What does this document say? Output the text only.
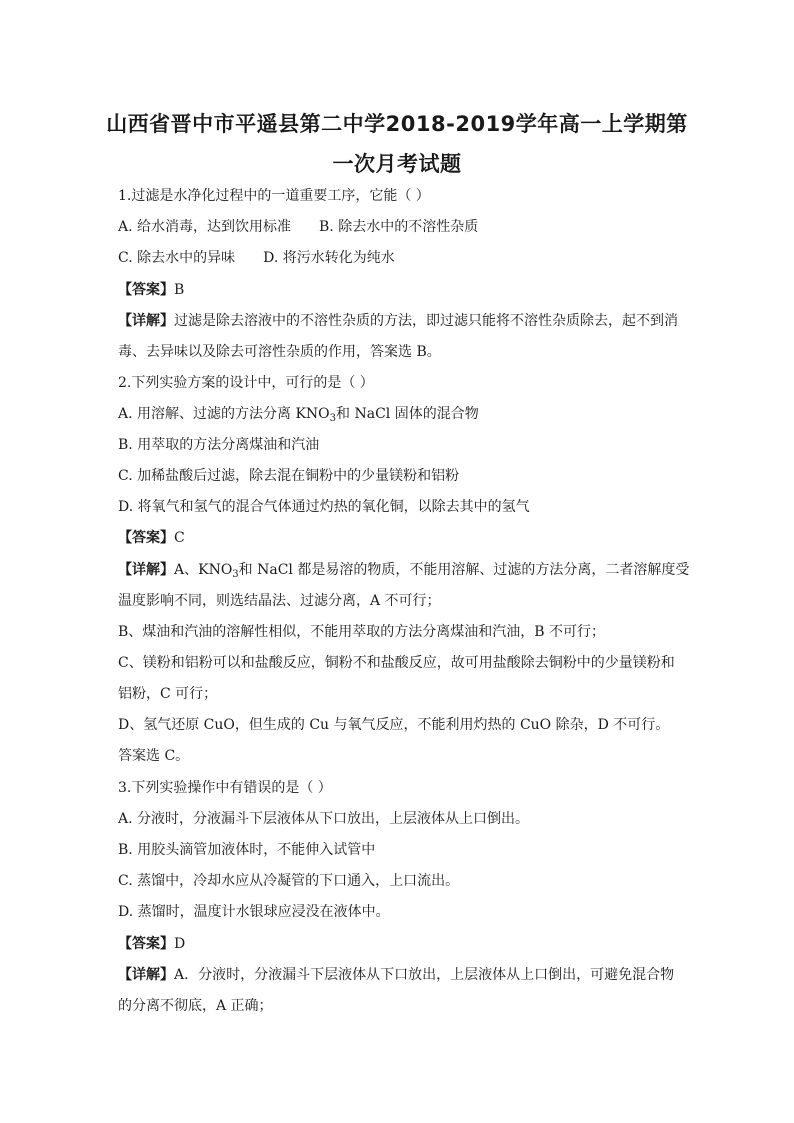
山西省晋中市平遥县第二中学2018-2019学年高一上学期第
一次月考试题
1.过滤是水净化过程中的一道重要工序，它能（ ）
A. 给水消毒，达到饮用标准 B. 除去水中的不溶性杂质
C. 除去水中的异味 D. 将污水转化为纯水
【答案】B
【详解】过滤是除去溶液中的不溶性杂质的方法，即过滤只能将不溶性杂质除去，起不到消
毒、去异味以及除去可溶性杂质的作用，答案选 B。
2.下列实验方案的设计中，可行的是（ ）
A. 用溶解、过滤的方法分离 $KNO_3$和 NaCl 固体的混合物
B. 用萃取的方法分离煤油和汽油
C. 加稀盐酸后过滤，除去混在铜粉中的少量镁粉和铝粉
D. 将氧气和氢气的混合气体通过灼热的氧化铜，以除去其中的氢气
【答案】C
【详解】A、$KNO_3$和 NaCl 都是易溶的物质，不能用溶解、过滤的方法分离，二者溶解度受
温度影响不同，则选结晶法、过滤分离，A 不可行；
B、煤油和汽油的溶解性相似，不能用萃取的方法分离煤油和汽油，B 不可行；
C、镁粉和铝粉可以和盐酸反应，铜粉不和盐酸反应，故可用盐酸除去铜粉中的少量镁粉和
铝粉，C 可行；
D、氢气还原 CuO，但生成的 Cu 与氧气反应，不能利用灼热的 CuO 除杂，D 不可行。
答案选 C。
3.下列实验操作中有错误的是（ ）
A. 分液时，分液漏斗下层液体从下口放出，上层液体从上口倒出。
B. 用胶头滴管加液体时，不能伸入试管中
C. 蒸馏中，冷却水应从冷凝管的下口通入，上口流出。
D. 蒸馏时，温度计水银球应浸没在液体中。
【答案】D
【详解】A．分液时，分液漏斗下层液体从下口放出，上层液体从上口倒出，可避免混合物
的分离不彻底，A 正确；
